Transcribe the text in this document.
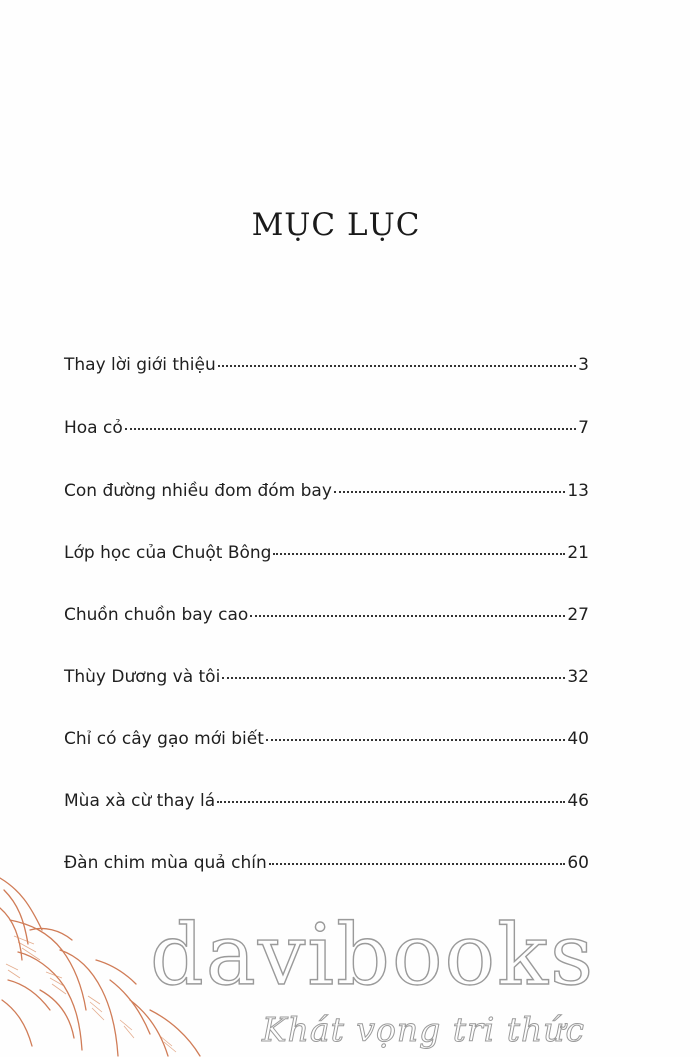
MỤC LỤC
Thay lời giới thiệu	3
Hoa cỏ	7
Con đường nhiều đom đóm bay	13
Lớp học của Chuột Bông	21
Chuồn chuồn bay cao	27
Thùy Dương và tôi	32
Chỉ có cây gạo mới biết	40
Mùa xà cừ thay lá	46
Đàn chim mùa quả chín	60
davibooks
Khát vọng tri thức
